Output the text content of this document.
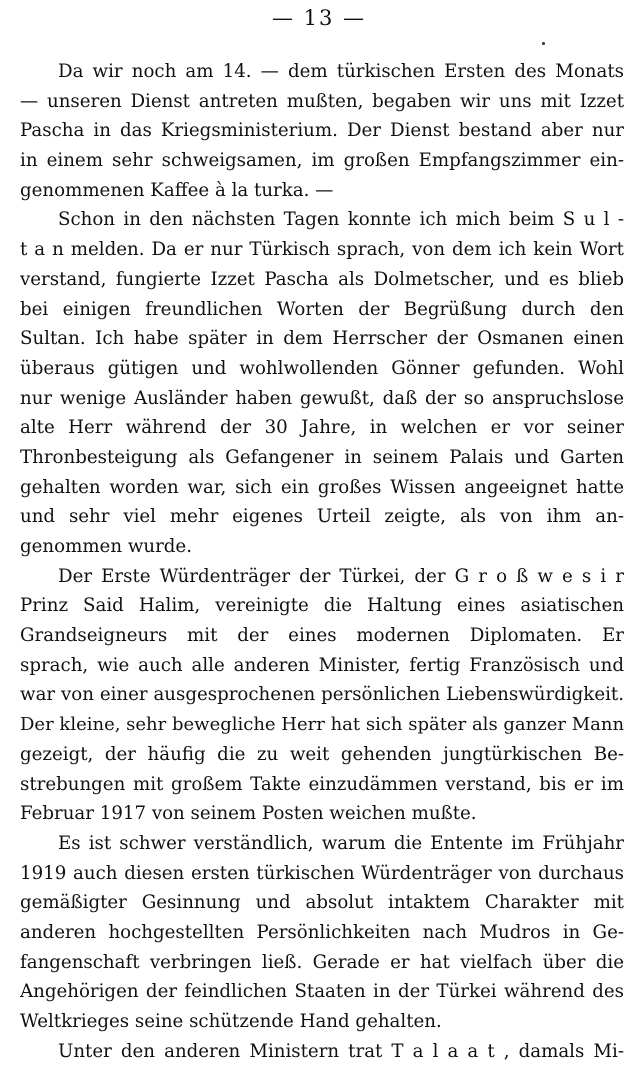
— 13 —
Da wir noch am 14. — dem türkischen Ersten des Monats
— unseren Dienst antreten mußten, begaben wir uns mit Izzet
Pascha in das Kriegsministerium. Der Dienst bestand aber nur
in einem sehr schweigsamen, im großen Empfangszimmer ein-
genommenen Kaffee à la turka. —
Schon in den nächsten Tagen konnte ich mich beim S u l -
t a n melden. Da er nur Türkisch sprach, von dem ich kein Wort
verstand, fungierte Izzet Pascha als Dolmetscher, und es blieb
bei einigen freundlichen Worten der Begrüßung durch den
Sultan. Ich habe später in dem Herrscher der Osmanen einen
überaus gütigen und wohlwollenden Gönner gefunden. Wohl
nur wenige Ausländer haben gewußt, daß der so anspruchslose
alte Herr während der 30 Jahre, in welchen er vor seiner
Thronbesteigung als Gefangener in seinem Palais und Garten
gehalten worden war, sich ein großes Wissen angeeignet hatte
und sehr viel mehr eigenes Urteil zeigte, als von ihm an-
genommen wurde.
Der Erste Würdenträger der Türkei, der G r o ß w e s i r
Prinz Said Halim, vereinigte die Haltung eines asiatischen
Grandseigneurs mit der eines modernen Diplomaten. Er
sprach, wie auch alle anderen Minister, fertig Französisch und
war von einer ausgesprochenen persönlichen Liebenswürdigkeit.
Der kleine, sehr bewegliche Herr hat sich später als ganzer Mann
gezeigt, der häufig die zu weit gehenden jungtürkischen Be-
strebungen mit großem Takte einzudämmen verstand, bis er im
Februar 1917 von seinem Posten weichen mußte.
Es ist schwer verständlich, warum die Entente im Frühjahr
1919 auch diesen ersten türkischen Würdenträger von durchaus
gemäßigter Gesinnung und absolut intaktem Charakter mit
anderen hochgestellten Persönlichkeiten nach Mudros in Ge-
fangenschaft verbringen ließ. Gerade er hat vielfach über die
Angehörigen der feindlichen Staaten in der Türkei während des
Weltkrieges seine schützende Hand gehalten.
Unter den anderen Ministern trat T a l a a t , damals Mi-
